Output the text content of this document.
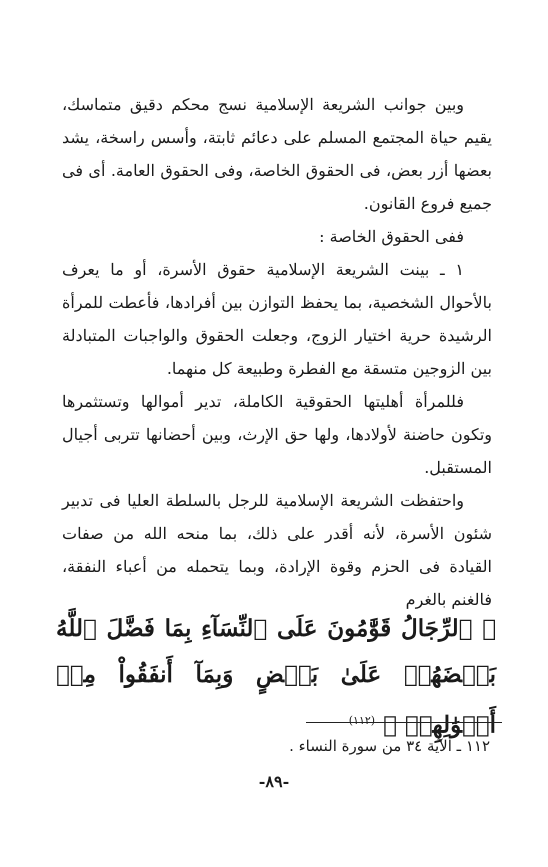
وبين جوانب الشريعة الإسلامية نسج محكم دقيق متماسك، يقيم حياة المجتمع المسلم على دعائم ثابتة، وأسس راسخة، يشد بعضها أزر بعض، فى الحقوق الخاصة، وفى الحقوق العامة. أى فى جميع فروع القانون.

ففى الحقوق الخاصة :

١ ـ بينت الشريعة الإسلامية حقوق الأسرة، أو ما يعرف بالأحوال الشخصية، بما يحفظ التوازن بين أفرادها، فأعطت للمرأة الرشيدة حرية اختيار الزوج، وجعلت الحقوق والواجبات المتبادلة بين الزوجين متسقة مع الفطرة وطبيعة كل منهما.

فللمرأة أهليتها الحقوقية الكاملة، تدير أموالها وتستثمرها وتكون حاضنة لأولادها، ولها حق الإرث، وبين أحضانها تتربى أجيال المستقبل.

واحتفظت الشريعة الإسلامية للرجل بالسلطة العليا فى تدبير شئون الأسرة، لأنه أقدر على ذلك، بما منحه الله من صفات القيادة فى الحزم وقوة الإرادة، وبما يتحمله من أعباء النفقة، فالغنم بالغرم

﴿ ٱلرِّجَالُ قَوَّٰمُونَ عَلَى ٱلنِّسَآءِ بِمَا فَضَّلَ ٱللَّهُ بَعۡضَهُمۡ عَلَىٰ بَعۡضٍ وَبِمَآ أَنفَقُواْ مِنۡ أَمۡوَٰلِهِمۡ ﴾ $^{(١١٢)}$
١١٢ ـ الآية ٣٤ من سورة النساء .
-٨٩-
